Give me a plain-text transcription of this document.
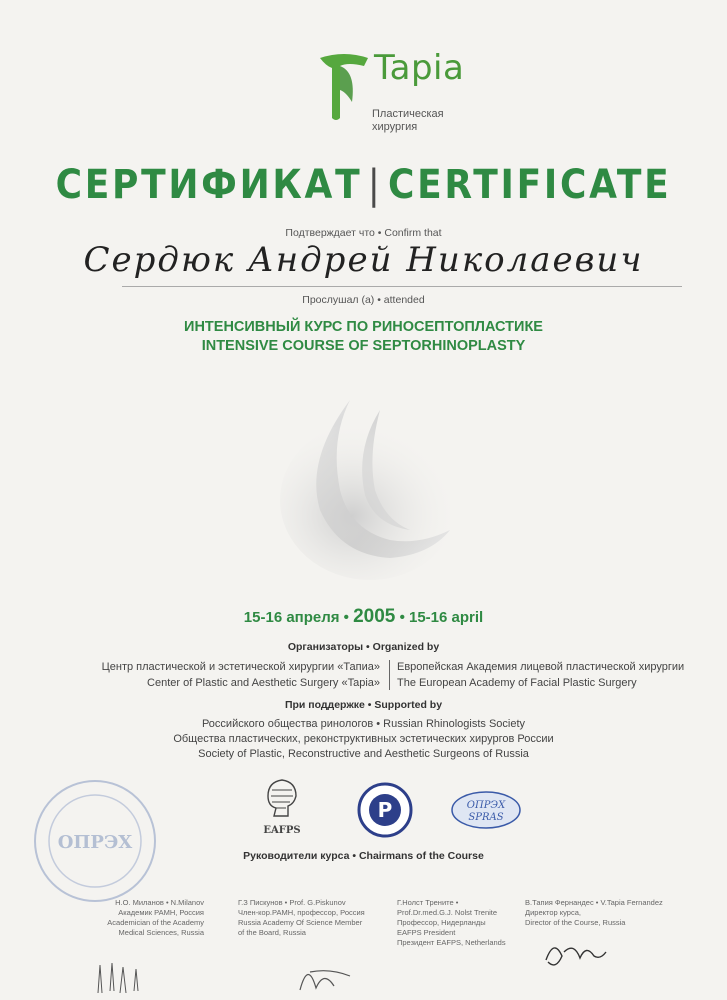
Tapia
Пластическая
хирургия
СЕРТИФИКАТ | CERTIFICATE
Подтверждает что • Confirm that
Сердюк Андрей Николаевич
Прослушал (а) • attended
ИНТЕНСИВНЫЙ КУРС ПО РИНОСЕПТОПЛАСТИКЕ
INTENSIVE COURSE OF SEPTORHINOPLASTY
15-16 апреля • 2005 • 15-16 april
Организаторы • Organized by
Центр пластической и эстетической хирургии «Тапиа»
Center of Plastic and Aesthetic Surgery «Tapia»
Европейская Академия лицевой пластической хирургии
The European Academy of Facial Plastic Surgery
При поддержке • Supported by
Российского общества ринологов • Russian Rhinologists Society
Общества пластических, реконструктивных эстетических хирургов России
Society of Plastic, Reconstructive and Aesthetic Surgeons of Russia
ОПРЭХ
EAFPS
Р	ОПРЭХ
SPRAS
Руководители курса • Chairmans of the Course
Н.О. Миланов • N.Milanov
Академик РАМН, Россия
Academician of the Academy
Medical Sciences, Russia
Г.З Пискунов • Prof. G.Piskunov
Член-кор.РАМН, профессор, Россия
Russia Academy Of Science Member
of the Board, Russia
Г.Нолст Трените •
Prof.Dr.med.G.J. Nolst Trenite
Профессор, Нидерланды
EAFPS President
Президент EAFPS, Netherlands
В.Тапия Фернандес • V.Tapia Fernandez
Директор курса,
Director of the Course, Russia
